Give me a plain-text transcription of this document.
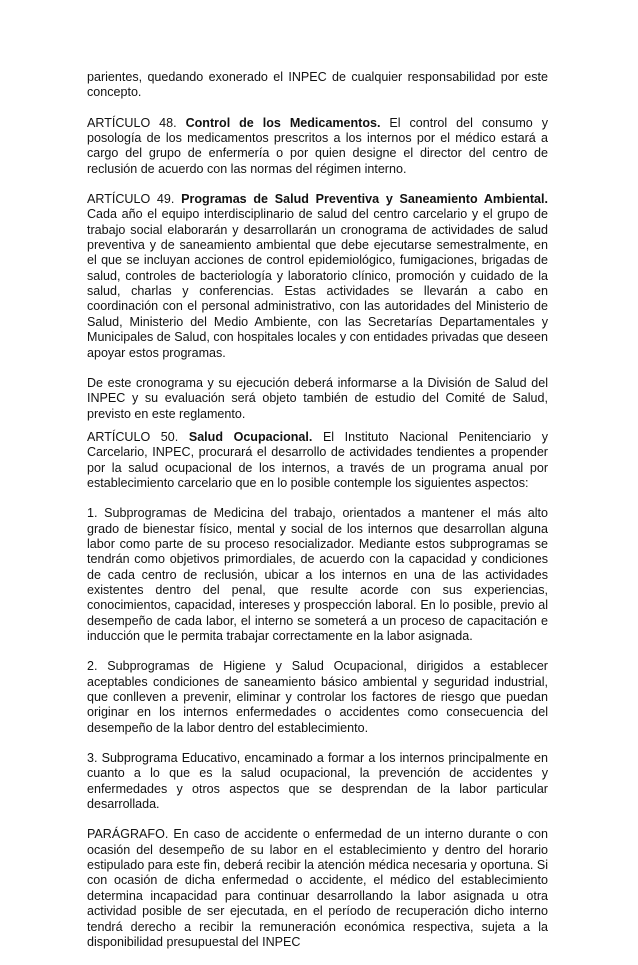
parientes, quedando exonerado el INPEC de cualquier responsabilidad por este concepto.

ARTÍCULO 48. Control de los Medicamentos. El control del consumo y posología de los medicamentos prescritos a los internos por el médico estará a cargo del grupo de enfermería o por quien designe el director del centro de reclusión de acuerdo con las normas del régimen interno.

ARTÍCULO 49. Programas de Salud Preventiva y Saneamiento Ambiental. Cada año el equipo interdisciplinario de salud del centro carcelario y el grupo de trabajo social elaborarán y desarrollarán un cronograma de actividades de salud preventiva y de saneamiento ambiental que debe ejecutarse semestralmente, en el que se incluyan acciones de control epidemiológico, fumigaciones, brigadas de salud, controles de bacteriología y laboratorio clínico, promoción y cuidado de la salud, charlas y conferencias. Estas actividades se llevarán a cabo en coordinación con el personal administrativo, con las autoridades del Ministerio de Salud, Ministerio del Medio Ambiente, con las Secretarías Departamentales y Municipales de Salud, con hospitales locales y con entidades privadas que deseen apoyar estos programas.

De este cronograma y su ejecución deberá informarse a la División de Salud del INPEC y su evaluación será objeto también de estudio del Comité de Salud, previsto en este reglamento.

ARTÍCULO 50. Salud Ocupacional. El Instituto Nacional Penitenciario y Carcelario, INPEC, procurará el desarrollo de actividades tendientes a propender por la salud ocupacional de los internos, a través de un programa anual por establecimiento carcelario que en lo posible contemple los siguientes aspectos:

1. Subprogramas de Medicina del trabajo, orientados a mantener el más alto grado de bienestar físico, mental y social de los internos que desarrollan alguna labor como parte de su proceso resocializador. Mediante estos subprogramas se tendrán como objetivos primordiales, de acuerdo con la capacidad y condiciones de cada centro de reclusión, ubicar a los internos en una de las actividades existentes dentro del penal, que resulte acorde con sus experiencias, conocimientos, capacidad, intereses y prospección laboral. En lo posible, previo al desempeño de cada labor, el interno se someterá a un proceso de capacitación e inducción que le permita trabajar correctamente en la labor asignada.

2. Subprogramas de Higiene y Salud Ocupacional, dirigidos a establecer aceptables condiciones de saneamiento básico ambiental y seguridad industrial, que conlleven a prevenir, eliminar y controlar los factores de riesgo que puedan originar en los internos enfermedades o accidentes como consecuencia del desempeño de la labor dentro del establecimiento.

3. Subprograma Educativo, encaminado a formar a los internos principalmente en cuanto a lo que es la salud ocupacional, la prevención de accidentes y enfermedades y otros aspectos que se desprendan de la labor particular desarrollada.

PARÁGRAFO. En caso de accidente o enfermedad de un interno durante o con ocasión del desempeño de su labor en el establecimiento y dentro del horario estipulado para este fin, deberá recibir la atención médica necesaria y oportuna. Si con ocasión de dicha enfermedad o accidente, el médico del establecimiento determina incapacidad para continuar desarrollando la labor asignada u otra actividad posible de ser ejecutada, en el período de recuperación dicho interno tendrá derecho a recibir la remuneración económica respectiva, sujeta a la disponibilidad presupuestal del INPEC
